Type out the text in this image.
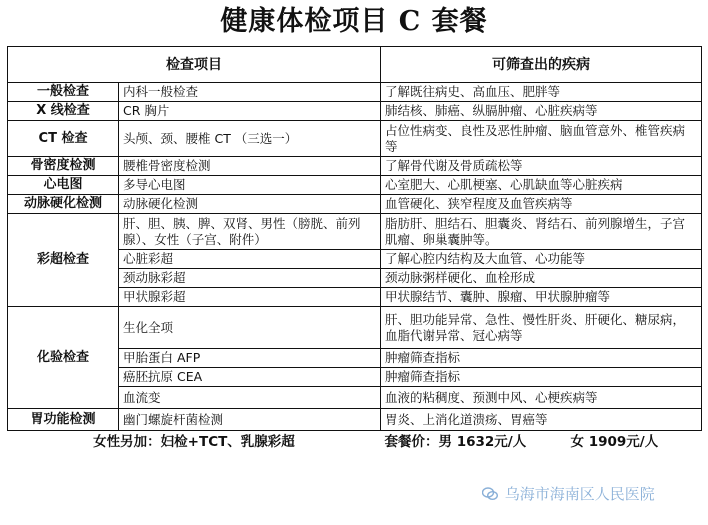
健康体检项目 C 套餐
检查项目		可筛查出的疾病
一般检查	内科一般检查	了解既往病史、高血压、肥胖等
X 线检查	CR 胸片	肺结核、肺癌、纵膈肿瘤、心脏疾病等
CT 检查	头颅、颈、腰椎 CT （三选一）	占位性病变、良性及恶性肿瘤、脑血管意外、椎管疾病等
骨密度检测	腰椎骨密度检测	了解骨代谢及骨质疏松等
心电图	多导心电图	心室肥大、心肌梗塞、心肌缺血等心脏疾病
动脉硬化检测	动脉硬化检测	血管硬化、狭窄程度及血管疾病等
彩超检查	肝、胆、胰、脾、双肾、男性（膀胱、前列腺）、女性（子宫、附件）	脂肪肝、胆结石、胆囊炎、肾结石、前列腺增生，子宫肌瘤、卵巢囊肿等。
	心脏彩超	了解心腔内结构及大血管、心功能等
	颈动脉彩超	颈动脉粥样硬化、血栓形成
	甲状腺彩超	甲状腺结节、囊肿、腺瘤、甲状腺肿瘤等
化验检查	生化全项	肝、胆功能异常、急性、慢性肝炎、肝硬化、糖尿病，血脂代谢异常、冠心病等
	甲胎蛋白 AFP	肿瘤筛查指标
	癌胚抗原 CEA	肿瘤筛查指标
	血流变	血液的粘稠度、预测中风、心梗疾病等
胃功能检测	幽门螺旋杆菌检测	胃炎、上消化道溃疡、胃癌等
女性另加：妇检+TCT、乳腺彩超		套餐价：男 1632元/人 女 1909元/人
乌海市海南区人民医院
